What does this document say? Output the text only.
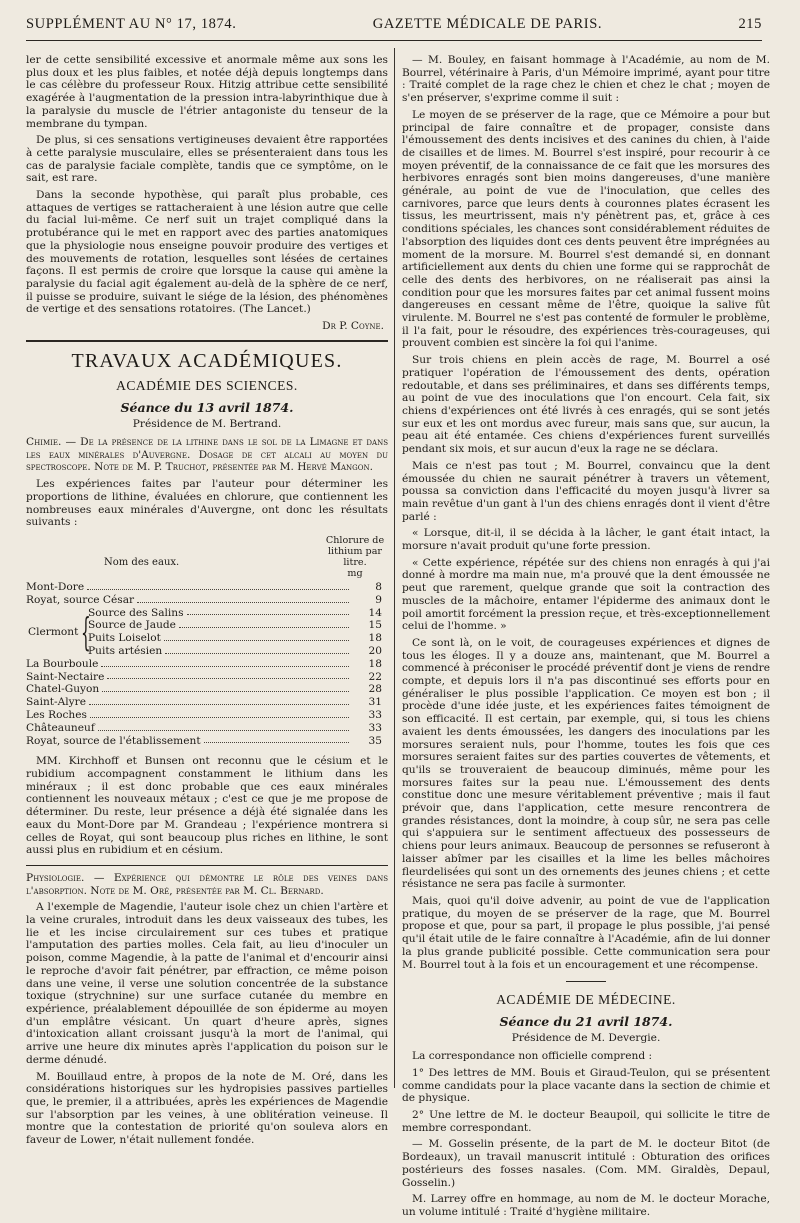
SUPPLÉMENT AU N° 17, 1874.	GAZETTE MÉDICALE DE PARIS.	215

ler de cette sensibilité excessive et anormale même aux sons les plus doux et les plus faibles, et notée déjà depuis longtemps dans le cas célèbre du professeur Roux. Hitzig attribue cette sensibilité exagérée à l'augmentation de la pression intra-labyrinthique due à la paralysie du muscle de l'étrier antagoniste du tenseur de la membrane du tympan.

De plus, si ces sensations vertigineuses devaient être rapportées à cette paralysie musculaire, elles se présenteraient dans tous les cas de paralysie faciale complète, tandis que ce symptôme, on le sait, est rare.

Dans la seconde hypothèse, qui paraît plus probable, ces attaques de vertiges se rattacheraient à une lésion autre que celle du facial lui-même. Ce nerf suit un trajet compliqué dans la protubérance qui le met en rapport avec des parties anatomiques que la physiologie nous enseigne pouvoir produire des vertiges et des mouvements de rotation, lesquelles sont lésées de certaines façons. Il est permis de croire que lorsque la cause qui amène la paralysie du facial agit également au-delà de la sphère de ce nerf, il puisse se produire, suivant le siége de la lésion, des phénomènes de vertige et des sensations rotatoires. (The Lancet.)

Dr P. Coyne.
TRAVAUX ACADÉMIQUES.
ACADÉMIE DES SCIENCES.
Séance du 13 avril 1874.
Présidence de M. Bertrand.

Chimie. — De la présence de la lithine dans le sol de la Limagne et dans les eaux minérales d'Auvergne. Dosage de cet alcali au moyen du spectroscope. Note de M. P. Truchot, présentée par M. Hervé Mangon.

Les expériences faites par l'auteur pour déterminer les proportions de lithine, évaluées en chlorure, que contiennent les nombreuses eaux minérales d'Auvergne, ont donc les résultats suivants :

Nom des eaux.
Chlorure de lithium par litre.
mg
Mont-Dore	8
Royat, source César	9
Clermont {
Source des Salins	14
Source de Jaude	15
Puits Loiselot	18
Puits artésien	20
La Bourboule	18
Saint-Nectaire	22
Chatel-Guyon	28
Saint-Alyre	31
Les Roches	33
Châteauneuf	33
Royat, source de l'établissement	35

MM. Kirchhoff et Bunsen ont reconnu que le césium et le rubidium accompagnent constamment le lithium dans les minéraux ; il est donc probable que ces eaux minérales contiennent les nouveaux métaux ; c'est ce que je me propose de déterminer. Du reste, leur présence a déjà été signalée dans les eaux du Mont-Dore par M. Grandeau ; l'expérience montrera si celles de Royat, qui sont beaucoup plus riches en lithine, le sont aussi plus en rubidium et en césium.

Physiologie. — Expérience qui démontre le rôle des veines dans l'absorption. Note de M. Oré, présentée par M. Cl. Bernard.

A l'exemple de Magendie, l'auteur isole chez un chien l'artère et la veine crurales, introduit dans les deux vaisseaux des tubes, les lie et les incise circulairement sur ces tubes et pratique l'amputation des parties molles. Cela fait, au lieu d'inoculer un poison, comme Magendie, à la patte de l'animal et d'encourir ainsi le reproche d'avoir fait pénétrer, par effraction, ce même poison dans une veine, il verse une solution concentrée de la substance toxique (strychnine) sur une surface cutanée du membre en expérience, préalablement dépouillée de son épiderme au moyen d'un emplâtre vésicant. Un quart d'heure après, signes d'intoxication allant croissant jusqu'à la mort de l'animal, qui arrive une heure dix minutes après l'application du poison sur le derme dénudé.

M. Bouillaud entre, à propos de la note de M. Oré, dans les considérations historiques sur les hydropisies passives partielles que, le premier, il a attribuées, après les expériences de Magendie sur l'absorption par les veines, à une oblitération veineuse. Il montre que la contestation de priorité qu'on souleva alors en faveur de Lower, n'était nullement fondée.

— M. Bouley, en faisant hommage à l'Académie, au nom de M. Bourrel, vétérinaire à Paris, d'un Mémoire imprimé, ayant pour titre : Traité complet de la rage chez le chien et chez le chat ; moyen de s'en préserver, s'exprime comme il suit :

Le moyen de se préserver de la rage, que ce Mémoire a pour but principal de faire connaître et de propager, consiste dans l'émoussement des dents incisives et des canines du chien, à l'aide de cisailles et de limes. M. Bourrel s'est inspiré, pour recourir à ce moyen préventif, de la connaissance de ce fait que les morsures des herbivores enragés sont bien moins dangereuses, d'une manière générale, au point de vue de l'inoculation, que celles des carnivores, parce que leurs dents à couronnes plates écrasent les tissus, les meurtrissent, mais n'y pénètrent pas, et, grâce à ces conditions spéciales, les chances sont considérablement réduites de l'absorption des liquides dont ces dents peuvent être imprégnées au moment de la morsure. M. Bourrel s'est demandé si, en donnant artificiellement aux dents du chien une forme qui se rapprochât de celle des dents des herbivores, on ne réaliserait pas ainsi la condition pour que les morsures faites par cet animal fussent moins dangereuses en cessant même de l'être, quoique la salive fût virulente. M. Bourrel ne s'est pas contenté de formuler le problème, il l'a fait, pour le résoudre, des expériences très-courageuses, qui prouvent combien est sincère la foi qui l'anime.

Sur trois chiens en plein accès de rage, M. Bourrel a osé pratiquer l'opération de l'émoussement des dents, opération redoutable, et dans ses préliminaires, et dans ses différents temps, au point de vue des inoculations que l'on encourt. Cela fait, six chiens d'expériences ont été livrés à ces enragés, qui se sont jetés sur eux et les ont mordus avec fureur, mais sans que, sur aucun, la peau ait été entamée. Ces chiens d'expériences furent surveillés pendant six mois, et sur aucun d'eux la rage ne se déclara.

Mais ce n'est pas tout ; M. Bourrel, convaincu que la dent émoussée du chien ne saurait pénétrer à travers un vêtement, poussa sa conviction dans l'efficacité du moyen jusqu'à livrer sa main revêtue d'un gant à l'un des chiens enragés dont il vient d'être parlé :

« Lorsque, dit-il, il se décida à la lâcher, le gant était intact, la morsure n'avait produit qu'une forte pression.

« Cette expérience, répétée sur des chiens non enragés à qui j'ai donné à mordre ma main nue, m'a prouvé que la dent émoussée ne peut que rarement, quelque grande que soit la contraction des muscles de la mâchoire, entamer l'épiderme des animaux dont le poil amortit forcément la pression reçue, et très-exceptionnellement celui de l'homme. »

Ce sont là, on le voit, de courageuses expériences et dignes de tous les éloges. Il y a douze ans, maintenant, que M. Bourrel a commencé à préconiser le procédé préventif dont je viens de rendre compte, et depuis lors il n'a pas discontinué ses efforts pour en généraliser le plus possible l'application. Ce moyen est bon ; il procède d'une idée juste, et les expériences faites témoignent de son efficacité. Il est certain, par exemple, qui, si tous les chiens avaient les dents émoussées, les dangers des inoculations par les morsures seraient nuls, pour l'homme, toutes les fois que ces morsures seraient faites sur des parties couvertes de vêtements, et qu'ils se trouveraient de beaucoup diminués, même pour les morsures faites sur la peau nue. L'émoussement des dents constitue donc une mesure véritablement préventive ; mais il faut prévoir que, dans l'application, cette mesure rencontrera de grandes résistances, dont la moindre, à coup sûr, ne sera pas celle qui s'appuiera sur le sentiment affectueux des possesseurs de chiens pour leurs animaux. Beaucoup de personnes se refuseront à laisser abîmer par les cisailles et la lime les belles mâchoires fleurdelisées qui sont un des ornements des jeunes chiens ; et cette résistance ne sera pas facile à surmonter.

Mais, quoi qu'il doive advenir, au point de vue de l'application pratique, du moyen de se préserver de la rage, que M. Bourrel propose et que, pour sa part, il propage le plus possible, j'ai pensé qu'il était utile de le faire connaître à l'Académie, afin de lui donner la plus grande publicité possible. Cette communication sera pour M. Bourrel tout à la fois et un encouragement et une récompense.

ACADÉMIE DE MÉDECINE.
Séance du 21 avril 1874.
Présidence de M. Devergie.

La correspondance non officielle comprend :

1° Des lettres de MM. Bouis et Giraud-Teulon, qui se présentent comme candidats pour la place vacante dans la section de chimie et de physique.

2° Une lettre de M. le docteur Beaupoil, qui sollicite le titre de membre correspondant.

— M. Gosselin présente, de la part de M. le docteur Bitot (de Bordeaux), un travail manuscrit intitulé : Obturation des orifices postérieurs des fosses nasales. (Com. MM. Giraldès, Depaul, Gosselin.)

M. Larrey offre en hommage, au nom de M. le docteur Morache, un volume intitulé : Traité d'hygiène militaire.
